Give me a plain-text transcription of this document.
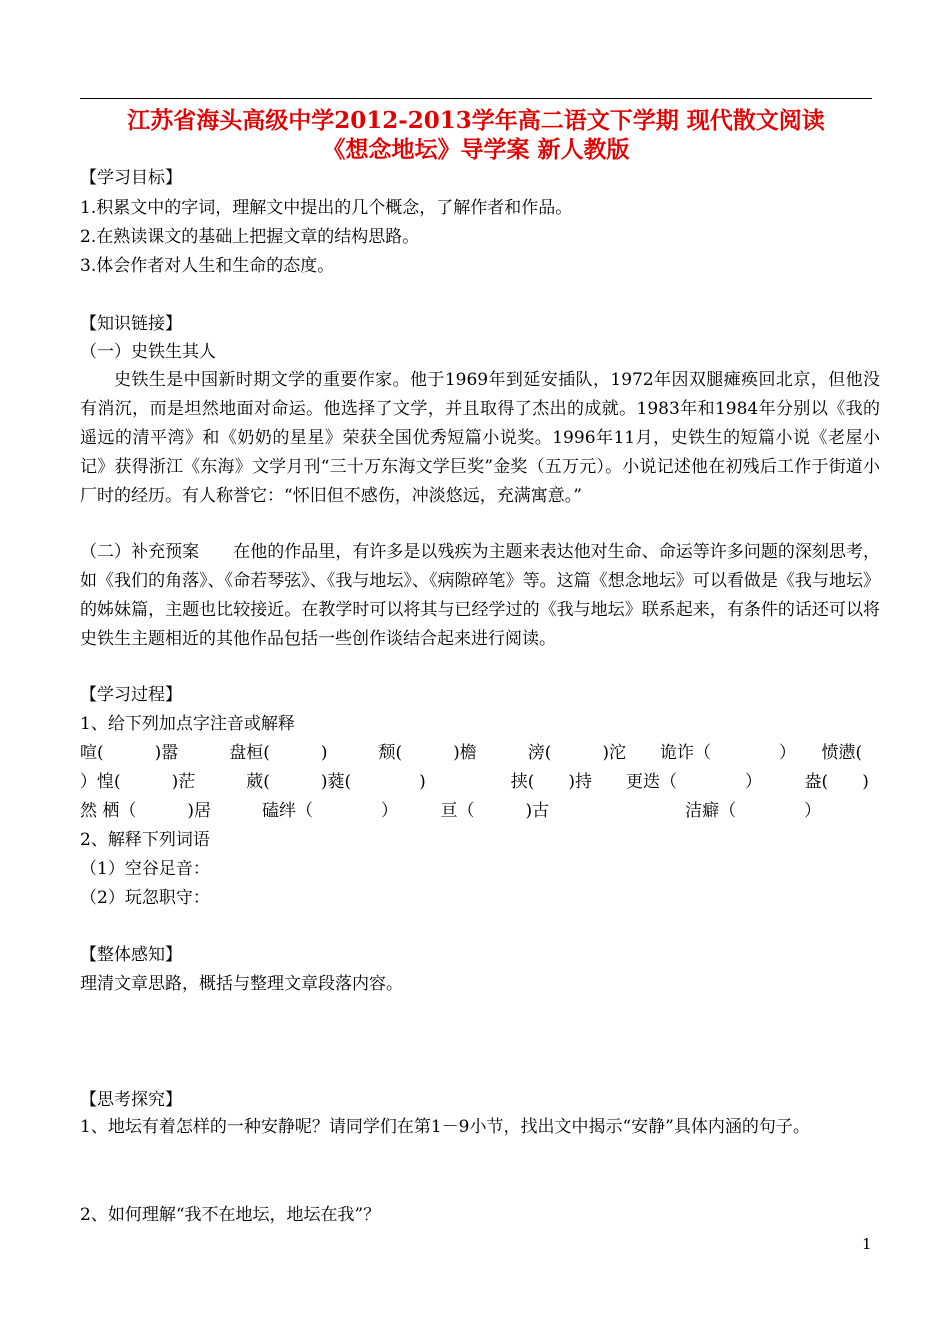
江苏省海头高级中学2012-2013学年高二语文下学期 现代散文阅读
《想念地坛》导学案 新人教版
【学习目标】
1.积累文中的字词，理解文中提出的几个概念，了解作者和作品。
2.在熟读课文的基础上把握文章的结构思路。
3.体会作者对人生和生命的态度。
【知识链接】
（一）史铁生其人
史铁生是中国新时期文学的重要作家。他于1969年到延安插队，1972年因双腿瘫痪回北京，但他没有消沉，而是坦然地面对命运。他选择了文学，并且取得了杰出的成就。1983年和1984年分别以《我的遥远的清平湾》和《奶奶的星星》荣获全国优秀短篇小说奖。1996年11月，史铁生的短篇小说《老屋小记》获得浙江《东海》文学月刊“三十万东海文学巨奖”金奖（五万元）。小说记述他在初残后工作于街道小厂时的经历。有人称誉它：“怀旧但不感伤，冲淡悠远，充满寓意。”
（二）补充预案　　在他的作品里，有许多是以残疾为主题来表达他对生命、命运等许多问题的深刻思考，如《我们的角落》、《命若琴弦》、《我与地坛》、《病隙碎笔》等。这篇《想念地坛》可以看做是《我与地坛》的姊妹篇，主题也比较接近。在教学时可以将其与已经学过的《我与地坛》联系起来，有条件的话还可以将史铁生主题相近的其他作品包括一些创作谈结合起来进行阅读。
【学习过程】
1、给下列加点字注音或解释
喧(　　　)嚣　　　盘桓(　　　)　　　颓(　　　)檐　　　滂(　　　)沱　　诡诈（　　　　）　　愤懑(
）惶(　　　)茫　　　葳(　　　)蕤(　　　　)　　　　　挟(　　)持　　更迭（　　　　）　　　盎(　　)
然 栖（　　　)居　　　磕绊（　　　　）　　　亘（　　　)古　　　　　　　　洁癖（　　　　）
2、解释下列词语
（1）空谷足音：
（2）玩忽职守：
【整体感知】
理清文章思路，概括与整理文章段落内容。
【思考探究】
1、地坛有着怎样的一种安静呢？请同学们在第1－9小节，找出文中揭示“安静”具体内涵的句子。
2、如何理解“我不在地坛，地坛在我”？
1
